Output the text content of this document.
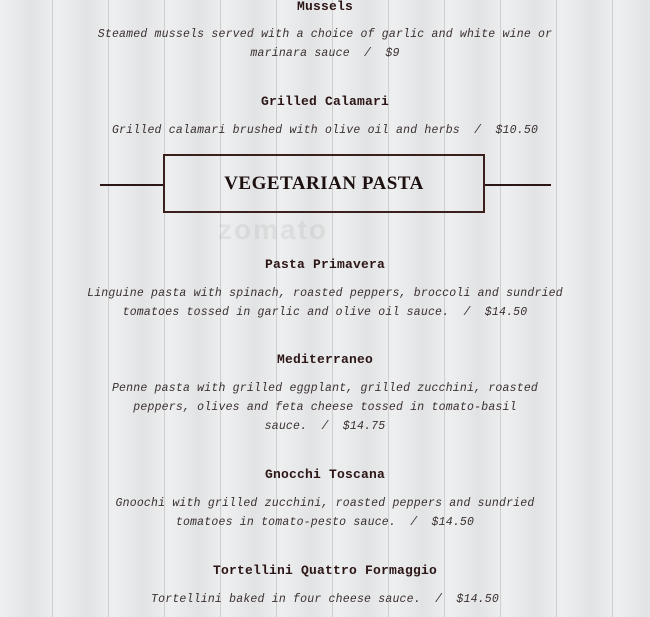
Mussels
Steamed mussels served with a choice of garlic and white wine or
marinara sauce / $9
Grilled Calamari
Grilled calamari brushed with olive oil and herbs / $10.50
VEGETARIAN PASTA
zomato
Pasta Primavera
Linguine pasta with spinach, roasted peppers, broccoli and sundried
tomatoes tossed in garlic and olive oil sauce. / $14.50
Mediterraneo
Penne pasta with grilled eggplant, grilled zucchini, roasted
peppers, olives and feta cheese tossed in tomato-basil
sauce. / $14.75
Gnocchi Toscana
Gnoochi with grilled zucchini, roasted peppers and sundried
tomatoes in tomato-pesto sauce. / $14.50
Tortellini Quattro Formaggio
Tortellini baked in four cheese sauce. / $14.50
